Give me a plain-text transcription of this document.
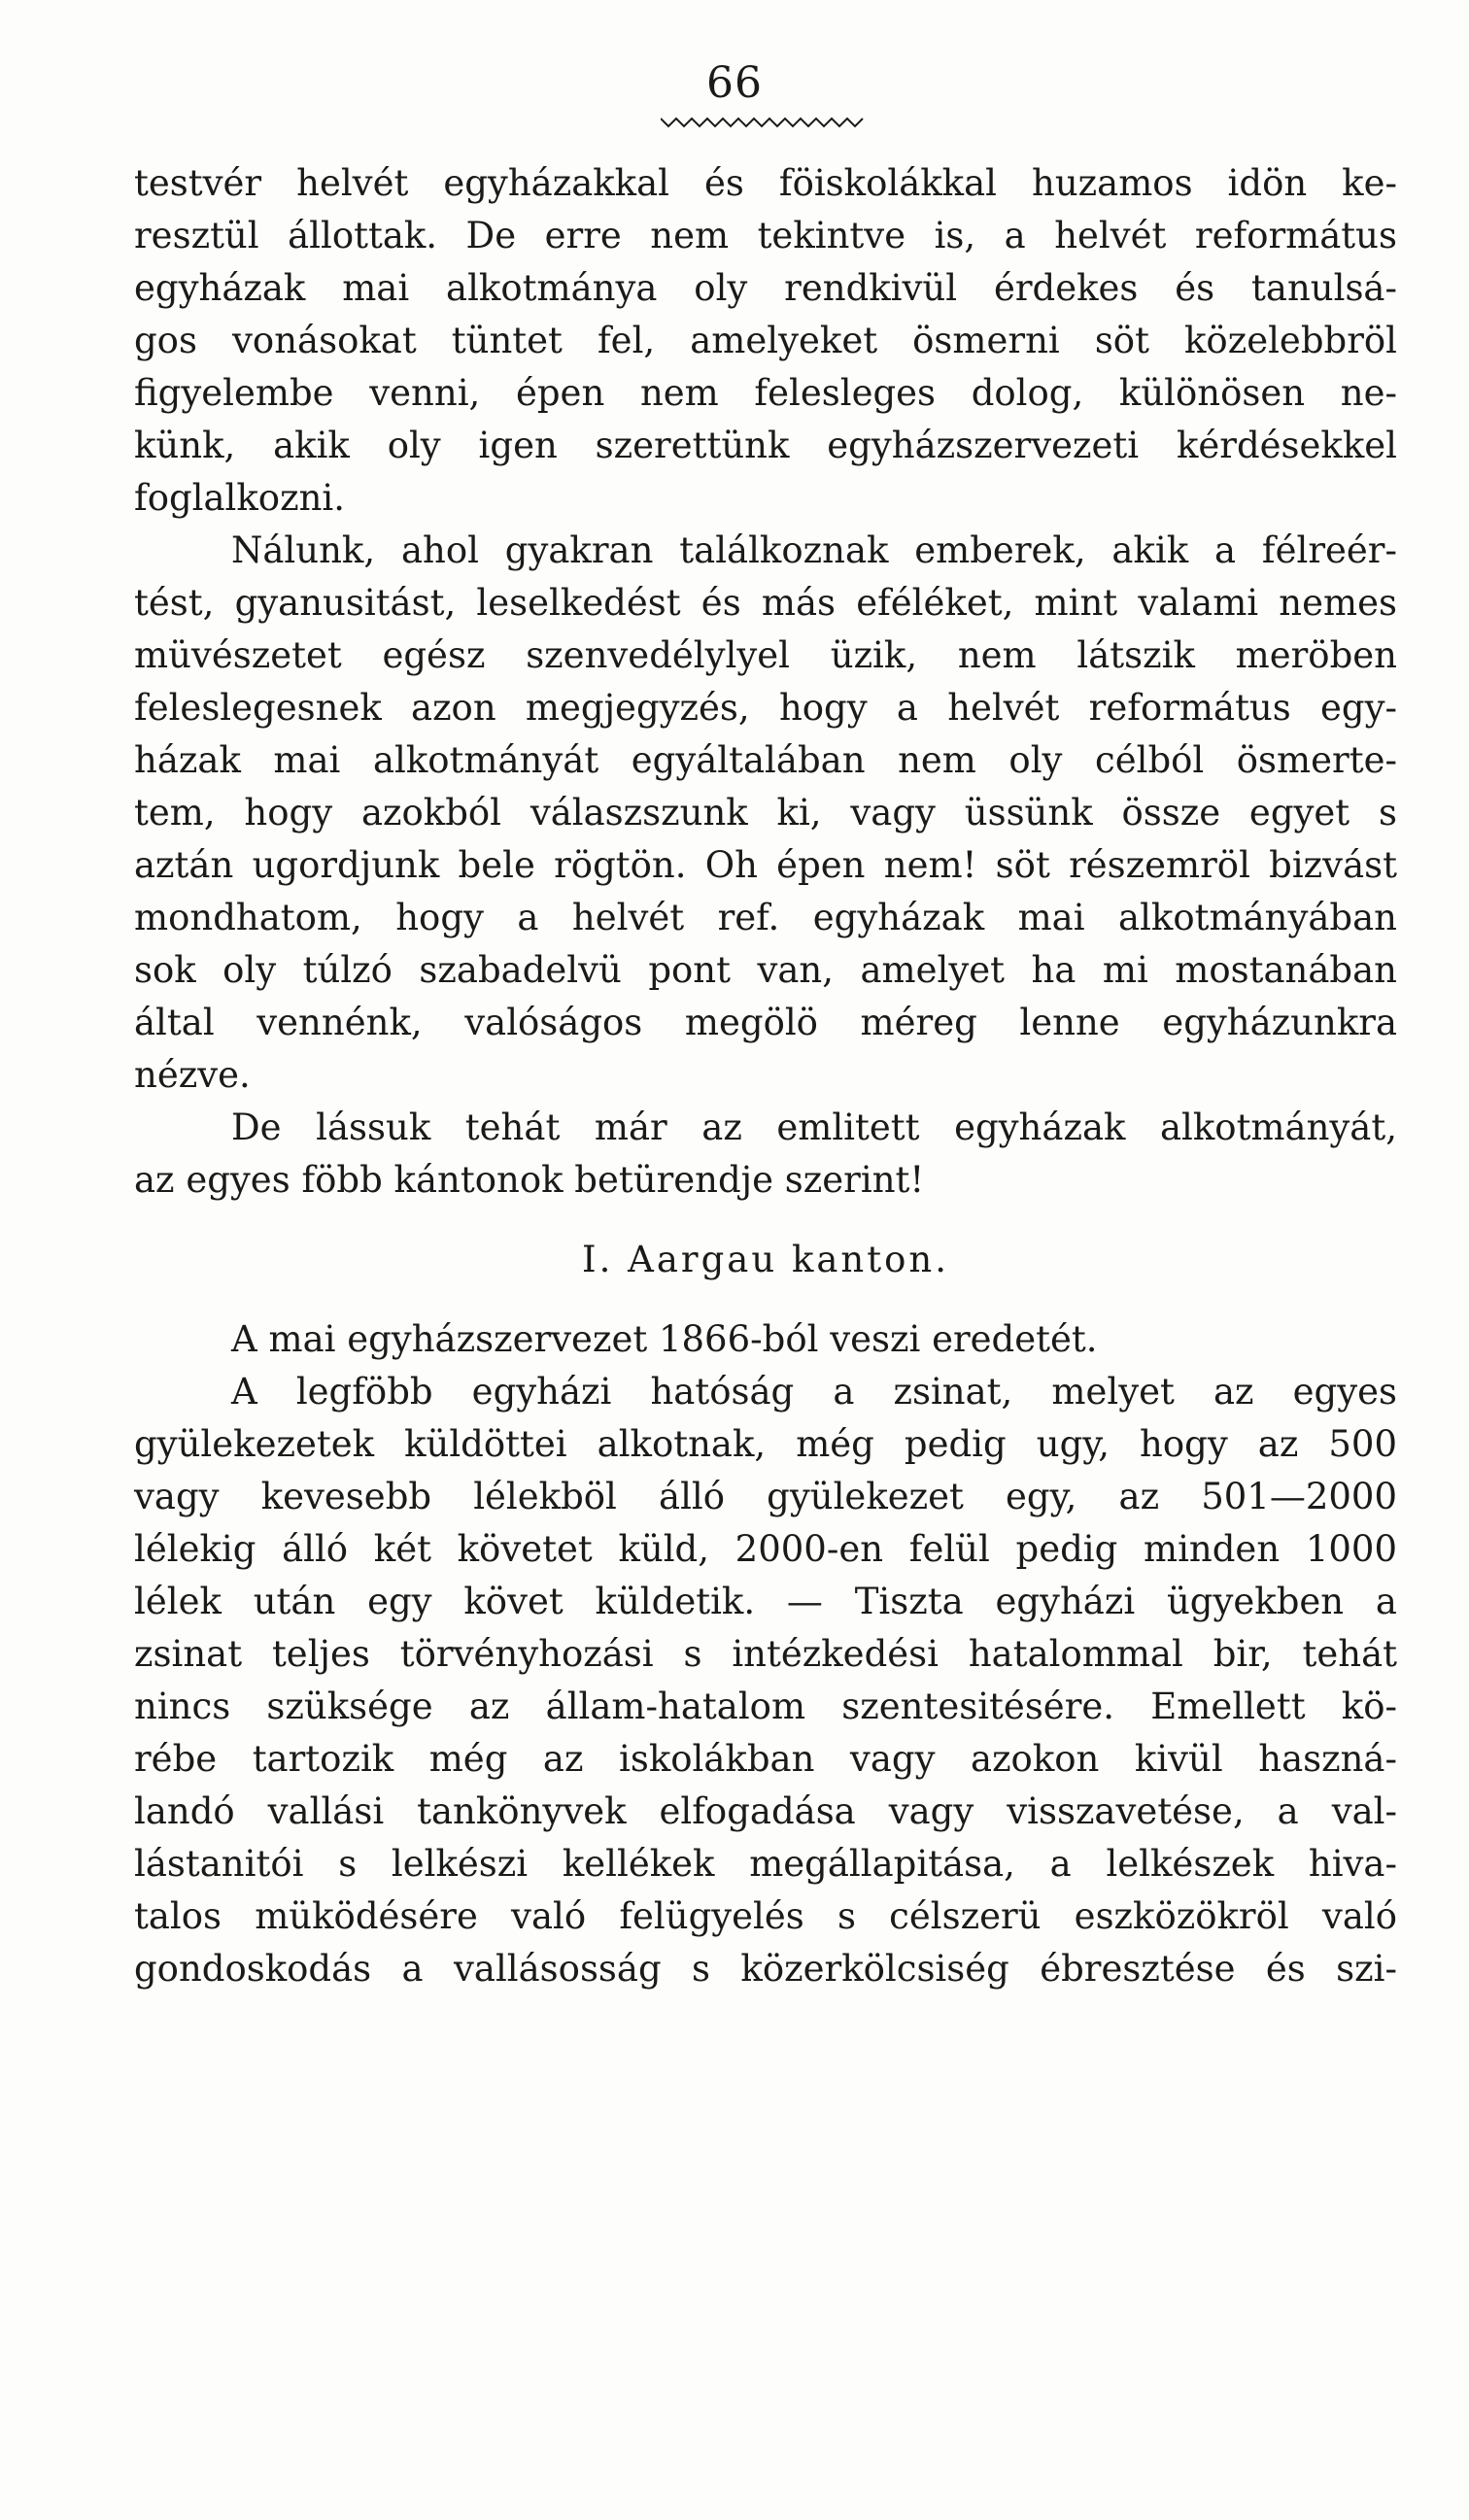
66
testvér helvét egyházakkal és föiskolákkal huzamos idön ke-
resztül állottak. De erre nem tekintve is, a helvét református
egyházak mai alkotmánya oly rendkivül érdekes és tanulsá-
gos vonásokat tüntet fel, amelyeket ösmerni söt közelebbröl
figyelembe venni, épen nem felesleges dolog, különösen ne-
künk, akik oly igen szerettünk egyházszervezeti kérdésekkel
foglalkozni.
Nálunk, ahol gyakran találkoznak emberek, akik a félreér-
tést, gyanusitást, leselkedést és más eféléket, mint valami nemes
müvészetet egész szenvedélylyel üzik, nem látszik meröben
feleslegesnek azon megjegyzés, hogy a helvét református egy-
házak mai alkotmányát egyáltalában nem oly célból ösmerte-
tem, hogy azokból válaszszunk ki, vagy üssünk össze egyet s
aztán ugordjunk bele rögtön. Oh épen nem! söt részemröl bizvást
mondhatom, hogy a helvét ref. egyházak mai alkotmányában
sok oly túlzó szabadelvü pont van, amelyet ha mi mostanában
által vennénk, valóságos megölö méreg lenne egyházunkra
nézve.
De lássuk tehát már az emlitett egyházak alkotmányát,
az egyes föbb kántonok betürendje szerint!
I. Aargau kanton.
A mai egyházszervezet 1866-ból veszi eredetét.
A legföbb egyházi hatóság a zsinat, melyet az egyes
gyülekezetek küldöttei alkotnak, még pedig ugy, hogy az 500
vagy kevesebb lélekböl álló gyülekezet egy, az 501—2000
lélekig álló két követet küld, 2000-en felül pedig minden 1000
lélek után egy követ küldetik. — Tiszta egyházi ügyekben a
zsinat teljes törvényhozási s intézkedési hatalommal bir, tehát
nincs szüksége az állam-hatalom szentesitésére. Emellett kö-
rébe tartozik még az iskolákban vagy azokon kivül haszná-
landó vallási tankönyvek elfogadása vagy visszavetése, a val-
lástanitói s lelkészi kellékek megállapitása, a lelkészek hiva-
talos müködésére való felügyelés s célszerü eszközökröl való
gondoskodás a vallásosság s közerkölcsiség ébresztése és szi-
